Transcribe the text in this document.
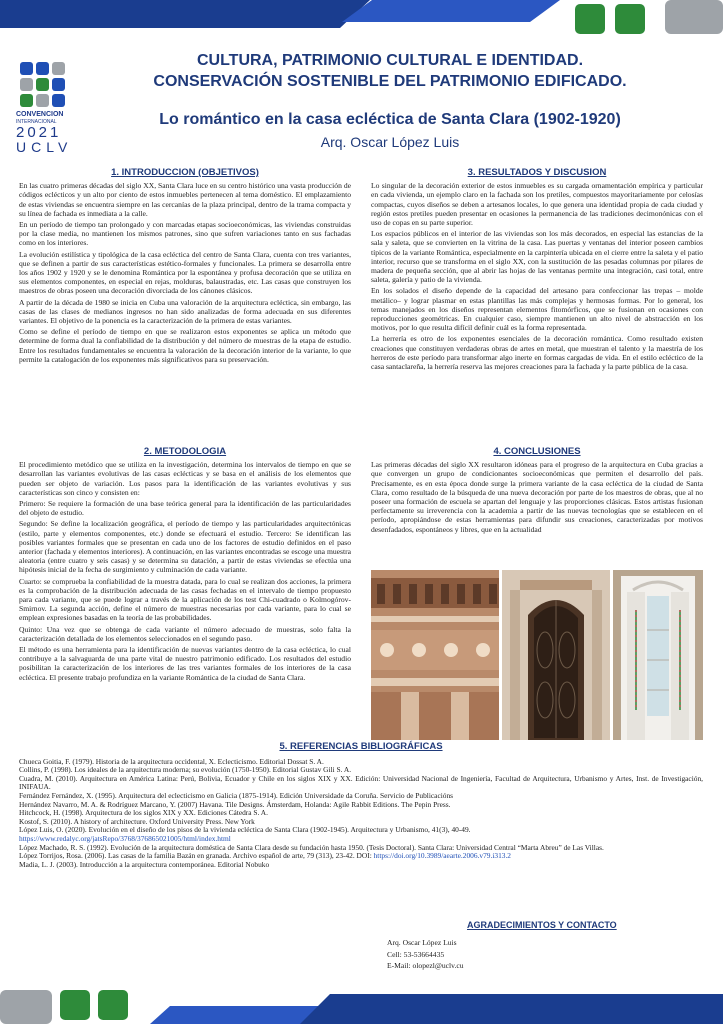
CONVENCION
INTERNACIONAL
2021
UCLV
CULTURA, PATRIMONIO CULTURAL E IDENTIDAD.
CONSERVACIÓN SOSTENIBLE DEL PATRIMONIO EDIFICADO.
Lo romántico en la casa ecléctica de Santa Clara (1902-1920)
Arq. Oscar López Luis
1. INTRODUCCION (OBJETIVOS)

En las cuatro primeras décadas del siglo XX, Santa Clara luce en su centro histórico una vasta producción de códigos eclécticos y un alto por ciento de estos inmuebles pertenecen al tema doméstico. El emplazamiento de estas viviendas se encuentra siempre en las cercanías de la plaza principal, dentro de la trama compacta y su línea de fachada es inmediata a la calle.

En un período de tiempo tan prolongado y con marcadas etapas socioeconómicas, las viviendas construidas por la clase media, no mantienen los mismos patrones, sino que sufren variaciones tanto en sus fachadas como en los interiores.

La evolución estilística y tipológica de la casa ecléctica del centro de Santa Clara, cuenta con tres variantes, que se definen a partir de sus características estético-formales y funcionales. La primera se desarrolla entre los años 1902 y 1920 y se le denomina Romántica por la espontánea y profusa decoración que se utiliza en sus elementos componentes, en especial en rejas, molduras, balaustradas, etc. Las casas que construyen los maestros de obras poseen una decoración divorciada de los cánones clásicos.

A partir de la década de 1980 se inicia en Cuba una valoración de la arquitectura ecléctica, sin embargo, las casas de las clases de medianos ingresos no han sido analizadas de forma adecuada en sus diferentes variantes. El objetivo de la ponencia es la caracterización de la primera de estas variantes.

Como se define el período de tiempo en que se realizaron estos exponentes se aplica un método que determine de forma dual la confiabilidad de la distribución y del número de muestras de la etapa de estudio. Entre los resultados fundamentales se encuentra la valoración de la decoración interior de la variante, lo que permite la catalogación de los exponentes más significativos para su preservación.

2. METODOLOGIA

El procedimiento metódico que se utiliza en la investigación, determina los intervalos de tiempo en que se desarrollan las variantes evolutivas de las casas eclécticas y se basa en el análisis de los elementos que pueden ser objeto de variación. Los pasos para la identificación de las variantes evolutivas y sus características son cinco y consisten en:

Primero: Se requiere la formación de una base teórica general para la identificación de las particularidades del objeto de estudio.

Segundo: Se define la localización geográfica, el período de tiempo y las particularidades arquitectónicas (estilo, parte y elementos componentes, etc.) donde se efectuará el estudio. Tercero: Se identifican las posibles variantes formales que se presentan en cada uno de los factores de estudio definidos en el paso anterior (fachada y elementos interiores). A continuación, en las variantes encontradas se escoge una muestra aleatoria (entre cuatro y seis casas) y se determina su datación, a partir de estas viviendas se efectúa una hipótesis inicial de la fecha de surgimiento y culminación de cada variante.

Cuarto: se comprueba la confiabilidad de la muestra datada, para lo cual se realizan dos acciones, la primera es la comprobación de la distribución adecuada de las casas fechadas en el intervalo de tiempo propuesto para cada variante, que se puede lograr a través de la aplicación de los test Chi-cuadrado o Kolmogórov-Smirnov. La segunda acción, define el número de muestras necesarias por cada variante, para lo cual se emplean expresiones basadas en la teoría de las probabilidades.

Quinto: Una vez que se obtenga de cada variante el número adecuado de muestras, solo falta la caracterización detallada de los elementos seleccionados en el segundo paso.

El método es una herramienta para la identificación de nuevas variantes dentro de la casa ecléctica, lo cual contribuye a la salvaguarda de una parte vital de nuestro patrimonio edificado. Los resultados del estudio posibilitan la caracterización de los interiores de las tres variantes formales de los interiores de la casa ecléctica. El presente trabajo profundiza en la variante Romántica de la ciudad de Santa Clara.

3. RESULTADOS Y DISCUSION

Lo singular de la decoración exterior de estos inmuebles es su cargada ornamentación empírica y particular en cada vivienda, un ejemplo claro en la fachada son los pretiles, compuestos mayoritariamente por celosías compactas, cuyos diseños se deben a artesanos locales, lo que genera una identidad propia de cada ciudad y región estos pretiles pueden presentar en ocasiones la permanencia de las tradiciones decimonónicas con el uso de copas en su parte superior.

Los espacios públicos en el interior de las viviendas son los más decorados, en especial las estancias de la sala y saleta, que se convierten en la vitrina de la casa. Las puertas y ventanas del interior poseen cambios típicos de la variante Romántica, especialmente en la carpintería ubicada en el cierre entre la saleta y el patio interior, recurso que se transforma en el siglo XX, con la sustitución de las pesadas columnas por pilares de madera de pequeña sección, que al abrir las hojas de las ventanas permite una integración, casi total, entre saleta, galería y patio de la vivienda.

En los solados el diseño depende de la capacidad del artesano para confeccionar las trepas – molde metálico– y lograr plasmar en estas plantillas las más complejas y hermosas formas. Por lo general, los temas manejados en los diseños representan elementos fitomórficos, que se fusionan en ocasiones con reproducciones geométricas. En cualquier caso, siempre mantienen un alto nivel de abstracción en los motivos, por lo que resulta difícil definir cuál es la forma representada.

La herrería es otro de los exponentes esenciales de la decoración romántica. Como resultado existen creaciones que constituyen verdaderas obras de artes en metal, que muestran el talento y la maestría de los herreros de este período para transformar algo inerte en formas cargadas de vida. En el estilo ecléctico de la casa santaclareña, la herrería reserva las mejores creaciones para la fachada y la parte pública de la casa.

4. CONCLUSIONES

Las primeras décadas del siglo XX resultaron idóneas para el progreso de la arquitectura en Cuba gracias a que convergen un grupo de condicionantes socioeconómicas que permiten el desarrollo del país. Precisamente, es en esta época donde surge la primera variante de la casa ecléctica de la ciudad de Santa Clara, como resultado de la búsqueda de una nueva decoración por parte de los maestros de obras, que al no poseer una formación de escuela se apartan del lenguaje y las proporciones clásicas. Estos artistas fusionan perfectamente su irreverencia con la academia a partir de las nuevas tecnologías que se establecen en el período, apropiándose de estas herramientas para difundir sus creaciones, caracterizadas por motivos desenfadados, espontáneos y libres, que en la actualidad

5. REFERENCIAS BIBLIOGRÁFICAS

Chueca Goitia, F. (1979). Historia de la arquitectura occidental, X. Eclecticismo. Editorial Dossat S. A.

Collins, P. (1998). Los ideales de la arquitectura moderna; su evolución (1750-1950). Editorial Gustav Gili S. A.

Cuadra, M. (2010). Arquitectura en América Latina: Perú, Bolivia, Ecuador y Chile en los siglos XIX y XX. Edición: Universidad Nacional de Ingeniería, Facultad de Arquitectura, Urbanismo y Artes, Inst. de Investigación, INIFAUA.

Fernández Fernández, X. (1995). Arquitectura del eclecticismo en Galicia (1875-1914). Edición Universidade da Coruña. Servicio de Publicacións

Hernández Navarro, M. A. & Rodríguez Marcano, Y. (2007) Havana. Tile Designs. Ámsterdam, Holanda: Agile Rabbit Editions. The Pepin Press.

Hitchcock, H. (1998). Arquitectura de los siglos XIX y XX. Ediciones Cátedra S. A.

Kostof, S. (2010). A history of architecture. Oxford University Press. New York

López Luis, O. (2020). Evolución en el diseño de los pisos de la vivienda ecléctica de Santa Clara (1902-1945). Arquitectura y Urbanismo, 41(3), 40-49.
https://www.redalyc.org/jatsRepo/3768/376865021005/html/index.html

López Machado, R. S. (1992). Evolución de la arquitectura doméstica de Santa Clara desde su fundación hasta 1950. (Tesis Doctoral). Santa Clara: Universidad Central “Marta Abreu” de Las Villas.

López Torrijos, Rosa. (2006). Las casas de la familia Bazán en granada. Archivo español de arte, 79 (313), 23-42. DOI: https://doi.org/10.3989/aearte.2006.v79.i313.2

Madia, L. J. (2003). Introducción a la arquitectura contemporánea. Editorial Nobuko

AGRADECIMIENTOS Y CONTACTO
Arq. Oscar López Luis
Cell: 53-53664435
E-Mail: olopezl@uclv.cu
